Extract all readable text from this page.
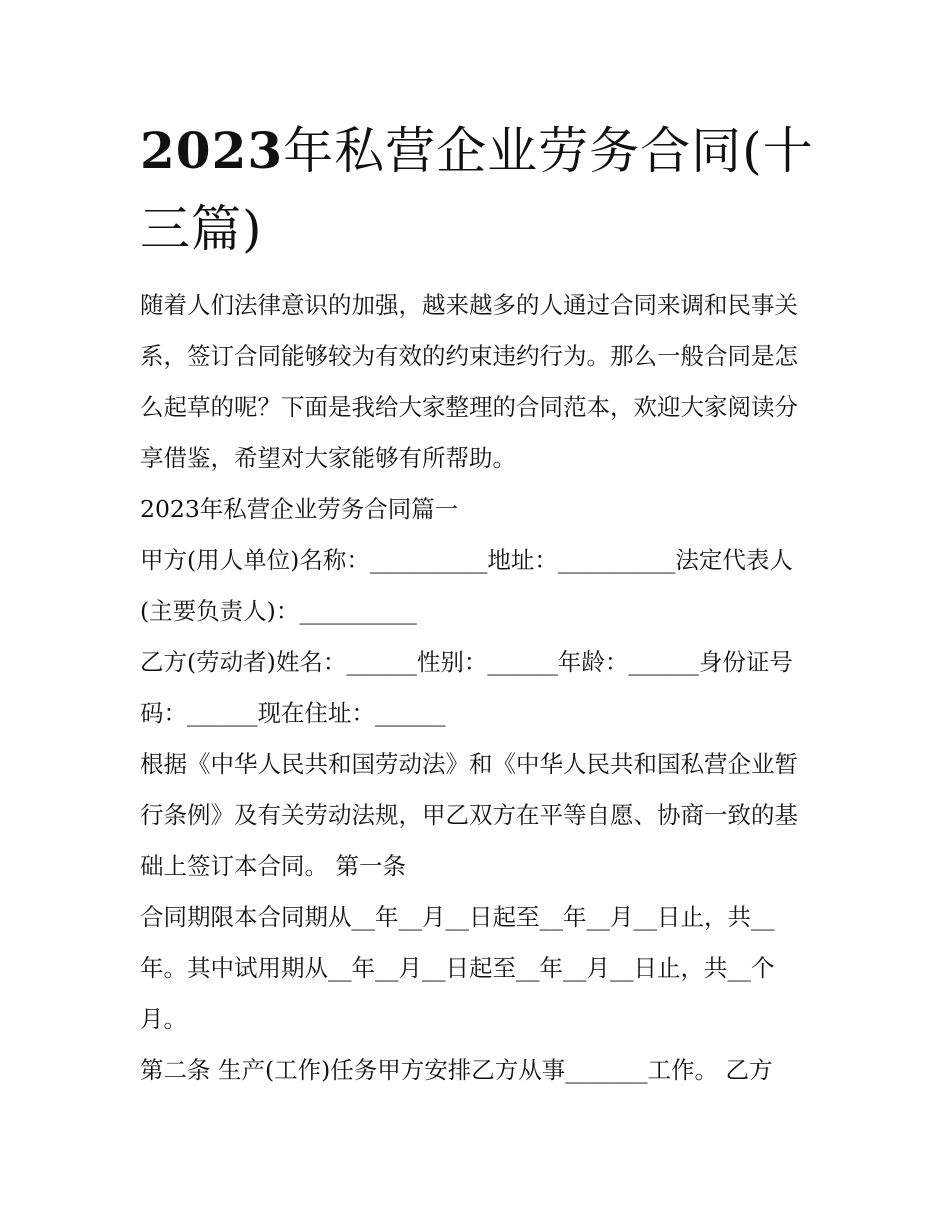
2023年私营企业劳务合同(十三篇)

随着人们法律意识的加强，越来越多的人通过合同来调和民事关系，签订合同能够较为有效的约束违约行为。那么一般合同是怎么起草的呢？下面是我给大家整理的合同范本，欢迎大家阅读分享借鉴，希望对大家能够有所帮助。

2023年私营企业劳务合同篇一

甲方(用人单位)名称：__________地址：__________法定代表人(主要负责人)：__________

乙方(劳动者)姓名：______性别：______年龄：______身份证号码：______现在住址：______

根据《中华人民共和国劳动法》和《中华人民共和国私营企业暂行条例》及有关劳动法规，甲乙双方在平等自愿、协商一致的基础上签订本合同。 第一条

合同期限本合同期从__年__月__日起至__年__月__日止，共__年。其中试用期从__年__月__日起至__年__月__日止，共__个月。

第二条 生产(工作)任务甲方安排乙方从事_______工作。 乙方
